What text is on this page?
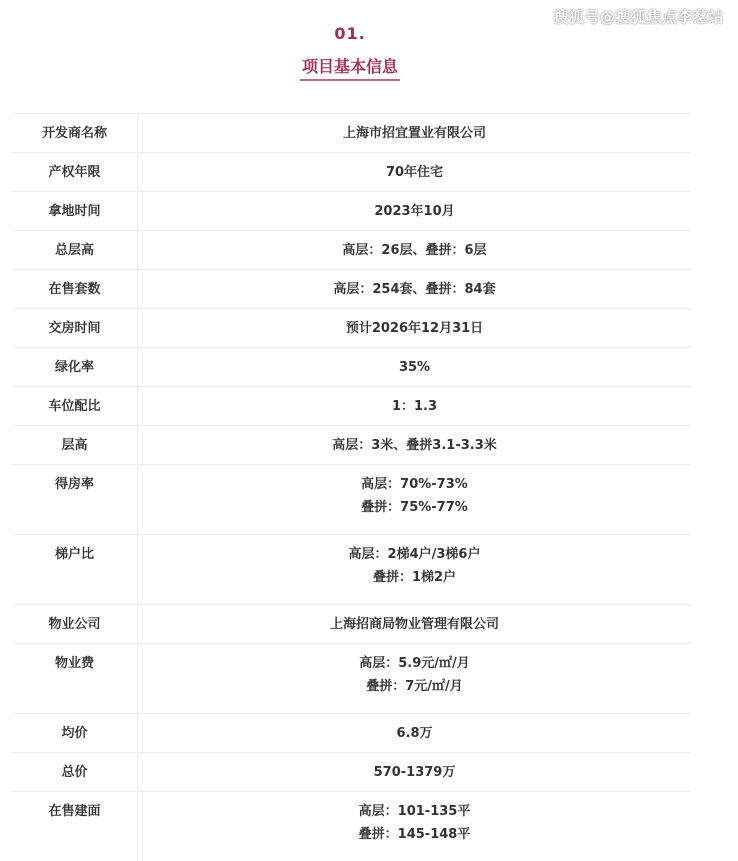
搜狐号@搜狐焦点李慈站
01.
项目基本信息
开发商名称	上海市招宜置业有限公司

产权年限	70年住宅

拿地时间	2023年10月

总层高	高层：26层、叠拼：6层

在售套数	高层：254套、叠拼：84套

交房时间	预计2026年12月31日

绿化率	35%

车位配比	1：1.3

层高	高层：3米、叠拼3.1-3.3米

得房率	高层：70%-73%
叠拼：75%-77%

梯户比	高层：2梯4户/3梯6户
叠拼：1梯2户

物业公司	上海招商局物业管理有限公司

物业费	高层：5.9元/㎡/月
叠拼：7元/㎡/月

均价	6.8万

总价	570-1379万

在售建面	高层：101-135平
叠拼：145-148平
